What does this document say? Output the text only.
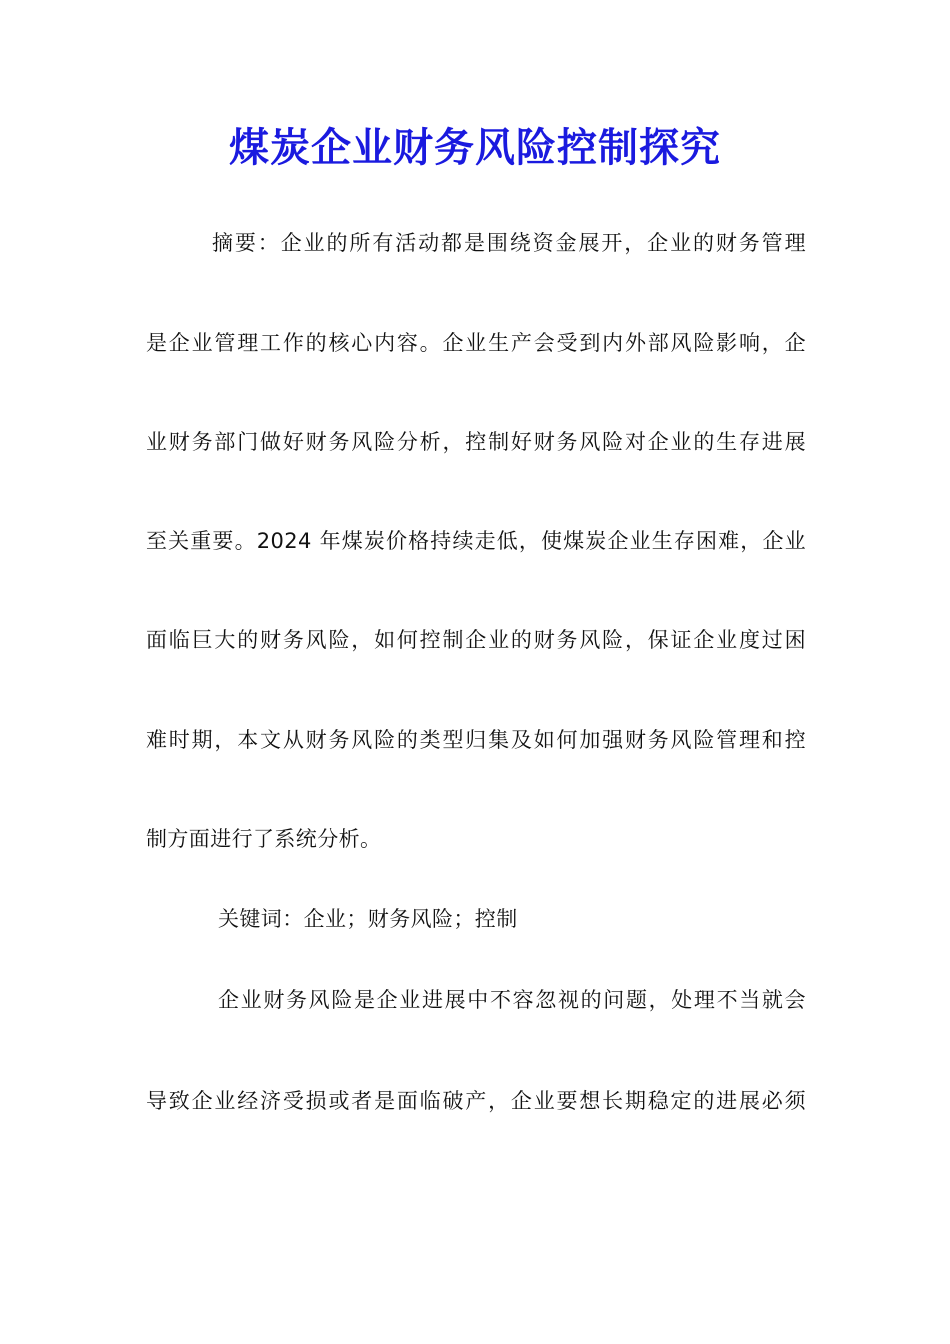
煤炭企业财务风险控制探究
摘要：企业的所有活动都是围绕资金展开，企业的财务管理
是企业管理工作的核心内容。企业生产会受到内外部风险影响，企
业财务部门做好财务风险分析，控制好财务风险对企业的生存进展
至关重要。2024 年煤炭价格持续走低，使煤炭企业生存困难，企业
面临巨大的财务风险，如何控制企业的财务风险，保证企业度过困
难时期，本文从财务风险的类型归集及如何加强财务风险管理和控
制方面进行了系统分析。
关键词：企业；财务风险；控制
企业财务风险是企业进展中不容忽视的问题，处理不当就会
导致企业经济受损或者是面临破产，企业要想长期稳定的进展必须
